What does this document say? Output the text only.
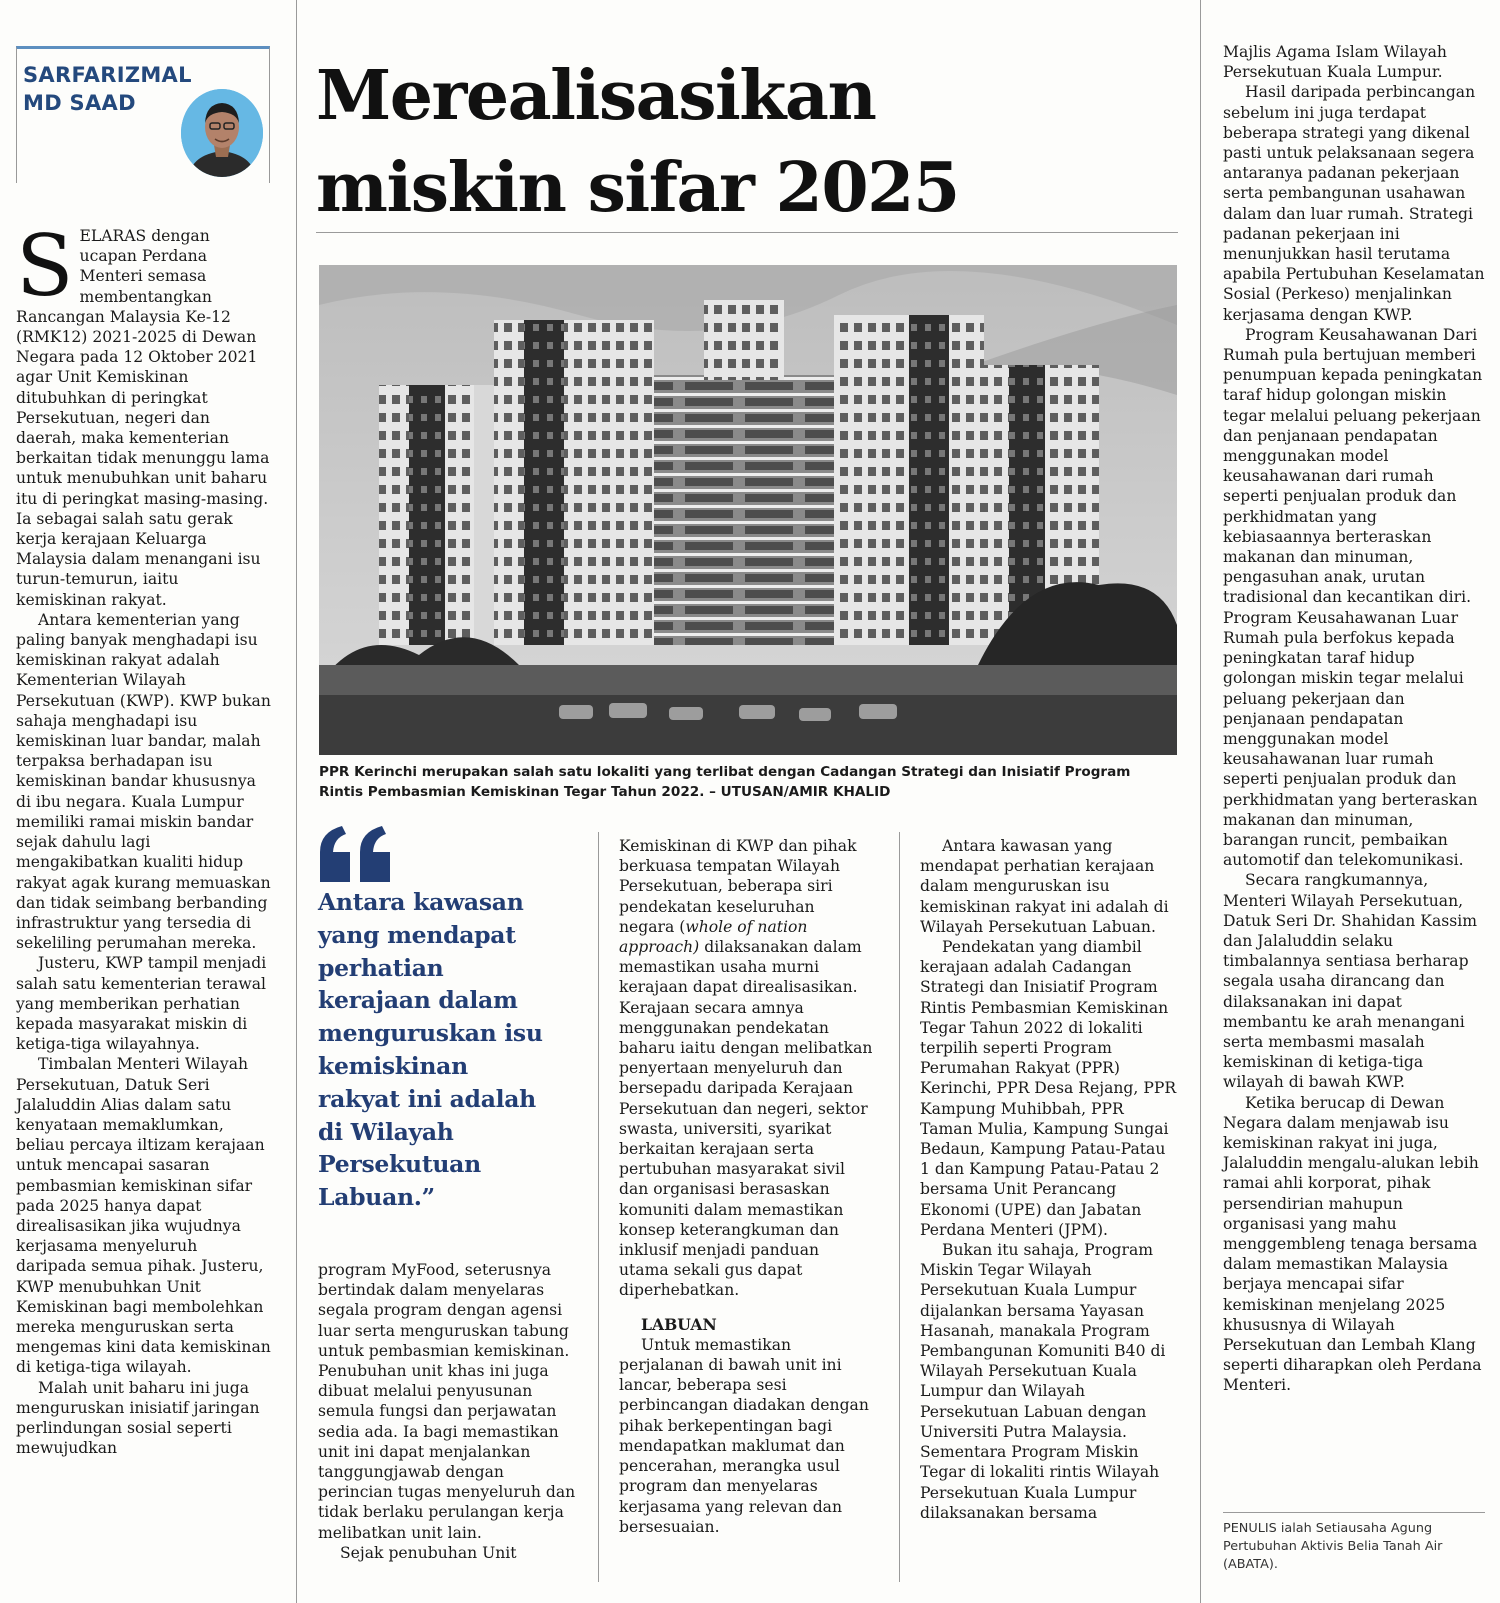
SARFARIZMAL
MD SAAD	Merealisasikan
miskin sifar 2025

PPR Kerinchi merupakan salah satu lokaliti yang terlibat dengan Cadangan Strategi dan Inisiatif Program Rintis Pembasmian Kemiskinan Tegar Tahun 2022. – UTUSAN/AMIR KHALID

SELARAS dengan ucapan Perdana Menteri semasa membentangkan Rancangan Malaysia Ke-12 (RMK12) 2021-2025 di Dewan Negara pada 12 Oktober 2021 agar Unit Kemiskinan ditubuhkan di peringkat Persekutuan, negeri dan daerah, maka kementerian berkaitan tidak menunggu lama untuk menubuhkan unit baharu itu di peringkat masing-masing. Ia sebagai salah satu gerak kerja kerajaan Keluarga Malaysia dalam menangani isu turun-temurun, iaitu kemiskinan rakyat.

Antara kementerian yang paling banyak menghadapi isu kemiskinan rakyat adalah Kementerian Wilayah Persekutuan (KWP). KWP bukan sahaja menghadapi isu kemiskinan luar bandar, malah terpaksa berhadapan isu kemiskinan bandar khususnya di ibu negara. Kuala Lumpur memiliki ramai miskin bandar sejak dahulu lagi mengakibatkan kualiti hidup rakyat agak kurang memuaskan dan tidak seimbang berbanding infrastruktur yang tersedia di sekeliling perumahan mereka.

Justeru, KWP tampil menjadi salah satu kementerian terawal yang memberikan perhatian kepada masyarakat miskin di ketiga-tiga wilayahnya.

Timbalan Menteri Wilayah Persekutuan, Datuk Seri Jalaluddin Alias dalam satu kenyataan memaklumkan, beliau percaya iltizam kerajaan untuk mencapai sasaran pembasmian kemiskinan sifar pada 2025 hanya dapat direalisasikan jika wujudnya kerjasama menyeluruh daripada semua pihak. Justeru, KWP menubuhkan Unit Kemiskinan bagi membolehkan mereka menguruskan serta mengemas kini data kemiskinan di ketiga-tiga wilayah.

Malah unit baharu ini juga menguruskan inisiatif jaringan perlindungan sosial seperti mewujudkan

Antara kawasan yang mendapat perhatian kerajaan dalam menguruskan isu kemiskinan rakyat ini adalah di Wilayah Persekutuan Labuan.”

program MyFood, seterusnya bertindak dalam menyelaras segala program dengan agensi luar serta menguruskan tabung untuk pembasmian kemiskinan. Penubuhan unit khas ini juga dibuat melalui penyusunan semula fungsi dan perjawatan sedia ada. Ia bagi memastikan unit ini dapat menjalankan tanggungjawab dengan perincian tugas menyeluruh dan tidak berlaku perulangan kerja melibatkan unit lain.

Sejak penubuhan Unit

Kemiskinan di KWP dan pihak berkuasa tempatan Wilayah Persekutuan, beberapa siri pendekatan keseluruhan negara (whole of nation approach) dilaksanakan dalam memastikan usaha murni kerajaan dapat direalisasikan. Kerajaan secara amnya menggunakan pendekatan baharu iaitu dengan melibatkan penyertaan menyeluruh dan bersepadu daripada Kerajaan Persekutuan dan negeri, sektor swasta, universiti, syarikat berkaitan kerajaan serta pertubuhan masyarakat sivil dan organisasi berasaskan komuniti dalam memastikan konsep keterangkuman dan inklusif menjadi panduan utama sekali gus dapat diperhebatkan.

LABUAN

Untuk memastikan perjalanan di bawah unit ini lancar, beberapa sesi perbincangan diadakan dengan pihak berkepentingan bagi mendapatkan maklumat dan pencerahan, merangka usul program dan menyelaras kerjasama yang relevan dan bersesuaian.

Antara kawasan yang mendapat perhatian kerajaan dalam menguruskan isu kemiskinan rakyat ini adalah di Wilayah Persekutuan Labuan.

Pendekatan yang diambil kerajaan adalah Cadangan Strategi dan Inisiatif Program Rintis Pembasmian Kemiskinan Tegar Tahun 2022 di lokaliti terpilih seperti Program Perumahan Rakyat (PPR) Kerinchi, PPR Desa Rejang, PPR Kampung Muhibbah, PPR Taman Mulia, Kampung Sungai Bedaun, Kampung Patau-Patau 1 dan Kampung Patau-Patau 2 bersama Unit Perancang Ekonomi (UPE) dan Jabatan Perdana Menteri (JPM).

Bukan itu sahaja, Program Miskin Tegar Wilayah Persekutuan Kuala Lumpur dijalankan bersama Yayasan Hasanah, manakala Program Pembangunan Komuniti B40 di Wilayah Persekutuan Kuala Lumpur dan Wilayah Persekutuan Labuan dengan Universiti Putra Malaysia. Sementara Program Miskin Tegar di lokaliti rintis Wilayah Persekutuan Kuala Lumpur dilaksanakan bersama

Majlis Agama Islam Wilayah Persekutuan Kuala Lumpur.

Hasil daripada perbincangan sebelum ini juga terdapat beberapa strategi yang dikenal pasti untuk pelaksanaan segera antaranya padanan pekerjaan serta pembangunan usahawan dalam dan luar rumah. Strategi padanan pekerjaan ini menunjukkan hasil terutama apabila Pertubuhan Keselamatan Sosial (Perkeso) menjalinkan kerjasama dengan KWP.

Program Keusahawanan Dari Rumah pula bertujuan memberi penumpuan kepada peningkatan taraf hidup golongan miskin tegar melalui peluang pekerjaan dan penjanaan pendapatan menggunakan model keusahawanan dari rumah seperti penjualan produk dan perkhidmatan yang kebiasaannya berteraskan makanan dan minuman, pengasuhan anak, urutan tradisional dan kecantikan diri. Program Keusahawanan Luar Rumah pula berfokus kepada peningkatan taraf hidup golongan miskin tegar melalui peluang pekerjaan dan penjanaan pendapatan menggunakan model keusahawanan luar rumah seperti penjualan produk dan perkhidmatan yang berteraskan makanan dan minuman, barangan runcit, pembaikan automotif dan telekomunikasi.

Secara rangkumannya, Menteri Wilayah Persekutuan, Datuk Seri Dr. Shahidan Kassim dan Jalaluddin selaku timbalannya sentiasa berharap segala usaha dirancang dan dilaksanakan ini dapat membantu ke arah menangani serta membasmi masalah kemiskinan di ketiga-tiga wilayah di bawah KWP.

Ketika berucap di Dewan Negara dalam menjawab isu kemiskinan rakyat ini juga, Jalaluddin mengalu-alukan lebih ramai ahli korporat, pihak persendirian mahupun organisasi yang mahu menggembleng tenaga bersama dalam memastikan Malaysia berjaya mencapai sifar kemiskinan menjelang 2025 khususnya di Wilayah Persekutuan dan Lembah Klang seperti diharapkan oleh Perdana Menteri.

PENULIS ialah Setiausaha Agung Pertubuhan Aktivis Belia Tanah Air (ABATA).
